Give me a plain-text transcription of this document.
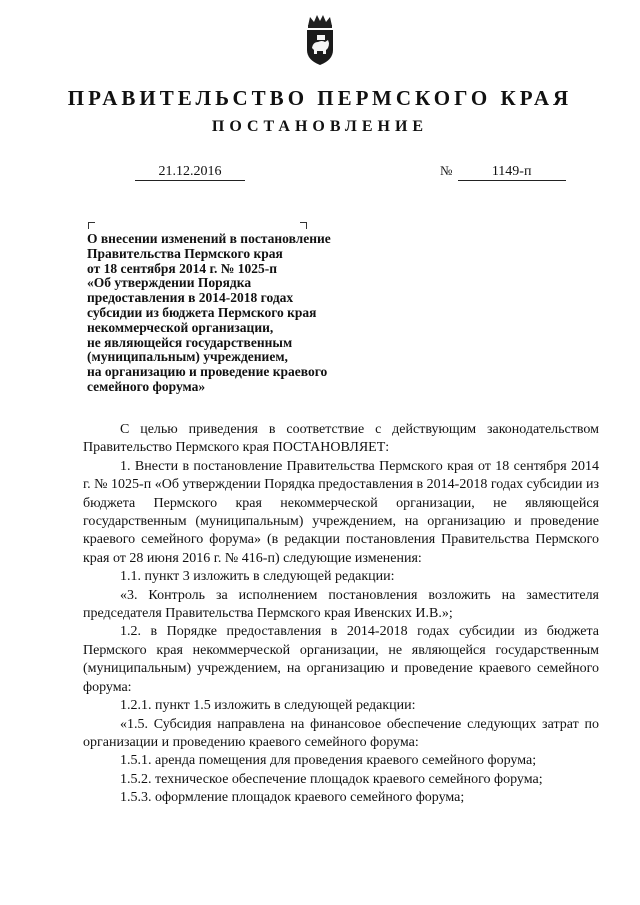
ПРАВИТЕЛЬСТВО ПЕРМСКОГО КРАЯ
ПОСТАНОВЛЕНИЕ
21.12.2016	№	1149-п
О внесении изменений в постановление
Правительства Пермского края
от 18 сентября 2014 г. № 1025-п
«Об утверждении Порядка
предоставления в 2014-2018 годах
субсидии из бюджета Пермского края
некоммерческой организации,
не являющейся государственным
(муниципальным) учреждением,
на организацию и проведение краевого
семейного форума»

С целью приведения в соответствие с действующим законодательством Правительство Пермского края ПОСТАНОВЛЯЕТ:

1. Внести в постановление Правительства Пермского края от 18 сентября 2014 г. № 1025-п «Об утверждении Порядка предоставления в 2014-2018 годах субсидии из бюджета Пермского края некоммерческой организации, не являющейся государственным (муниципальным) учреждением, на организацию и проведение краевого семейного форума» (в редакции постановления Правительства Пермского края от 28 июня 2016 г. № 416-п) следующие изменения:

1.1. пункт 3 изложить в следующей редакции:

«3. Контроль за исполнением постановления возложить на заместителя председателя Правительства Пермского края Ивенских И.В.»;

1.2. в Порядке предоставления в 2014-2018 годах субсидии из бюджета Пермского края некоммерческой организации, не являющейся государственным (муниципальным) учреждением, на организацию и проведение краевого семейного форума:

1.2.1. пункт 1.5 изложить в следующей редакции:

«1.5. Субсидия направлена на финансовое обеспечение следующих затрат по организации и проведению краевого семейного форума:

1.5.1. аренда помещения для проведения краевого семейного форума;

1.5.2. техническое обеспечение площадок краевого семейного форума;

1.5.3. оформление площадок краевого семейного форума;
